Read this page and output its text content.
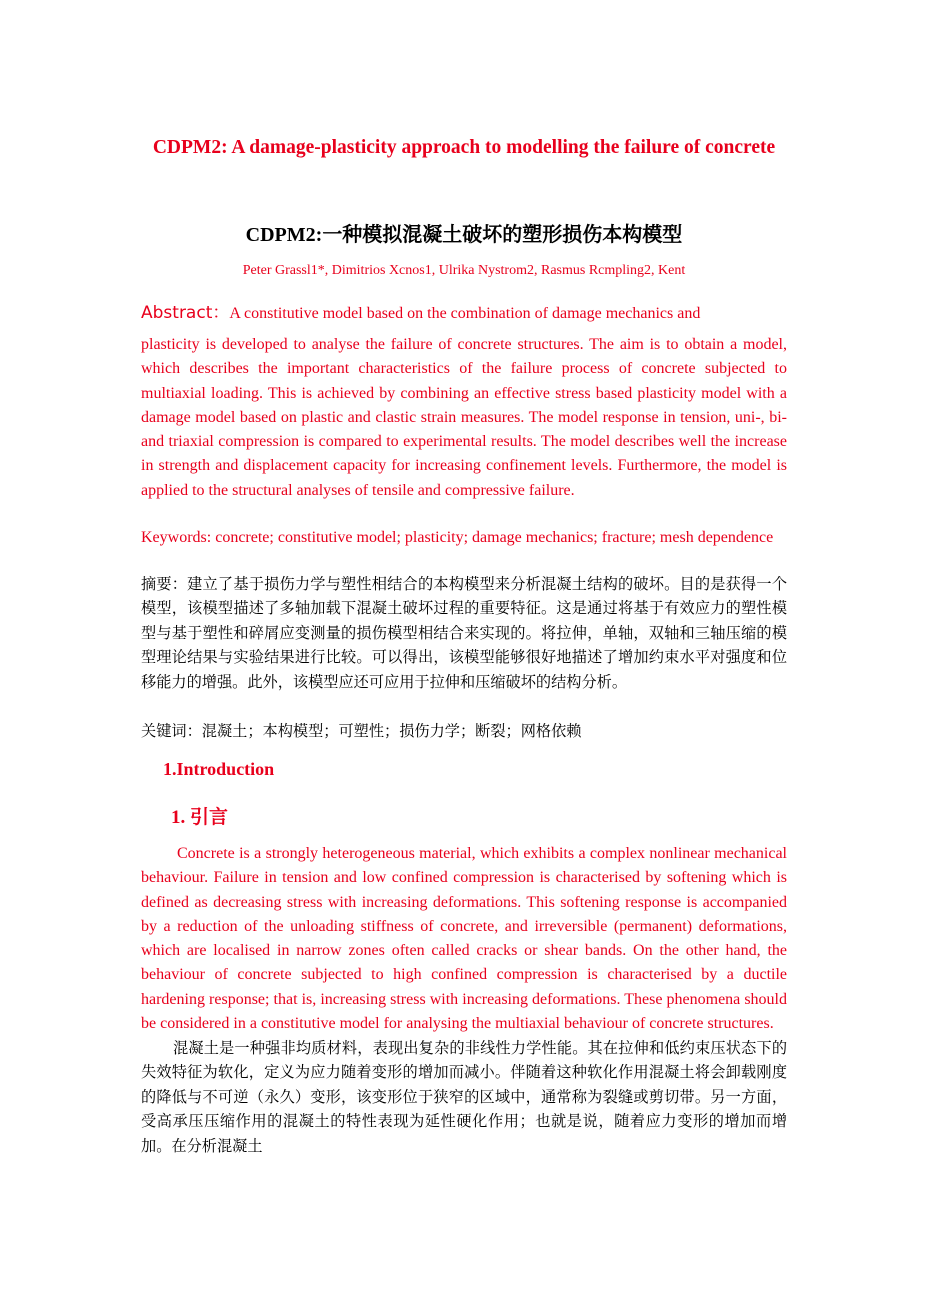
CDPM2: A damage-plasticity approach to modelling the failure of concrete
CDPM2:一种模拟混凝土破坏的塑形损伤本构模型

Peter Grassl1*, Dimitrios Xcnos1, Ulrika Nystrom2, Rasmus Rcmpling2, Kent

Abstract：A constitutive model based on the combination of damage mechanics and
plasticity is developed to analyse the failure of concrete structures. The aim is to obtain a model, which describes the important characteristics of the failure process of concrete subjected to multiaxial loading. This is achieved by combining an effective stress based plasticity model with a damage model based on plastic and clastic strain measures. The model response in tension, uni-, bi- and triaxial compression is compared to experimental results. The model describes well the increase in strength and displacement capacity for increasing confinement levels. Furthermore, the model is applied to the structural analyses of tensile and compressive failure.

Keywords: concrete; constitutive model; plasticity; damage mechanics; fracture; mesh dependence

摘要：建立了基于损伤力学与塑性相结合的本构模型来分析混凝土结构的破坏。目的是获得一个模型，该模型描述了多轴加载下混凝土破坏过程的重要特征。这是通过将基于有效应力的塑性模型与基于塑性和碎屑应变测量的损伤模型相结合来实现的。将拉伸，单轴，双轴和三轴压缩的模型理论结果与实验结果进行比较。可以得出，该模型能够很好地描述了增加约束水平对强度和位移能力的增强。此外，该模型应还可应用于拉伸和压缩破坏的结构分析。

关键词：混凝土；本构模型；可塑性；损伤力学；断裂；网格依赖

1.Introduction
1. 引言

Concrete is a strongly heterogeneous material, which exhibits a complex nonlinear mechanical behaviour. Failure in tension and low confined compression is characterised by softening which is defined as decreasing stress with increasing deformations. This softening response is accompanied by a reduction of the unloading stiffness of concrete, and irreversible (permanent) deformations, which are localised in narrow zones often called cracks or shear bands. On the other hand, the behaviour of concrete subjected to high confined compression is characterised by a ductile hardening response; that is, increasing stress with increasing deformations. These phenomena should be considered in a constitutive model for analysing the multiaxial behaviour of concrete structures.

混凝土是一种强非均质材料，表现出复杂的非线性力学性能。其在拉伸和低约束压状态下的失效特征为软化，定义为应力随着变形的增加而减小。伴随着这种软化作用混凝土将会卸载刚度的降低与不可逆（永久）变形，该变形位于狭窄的区域中，通常称为裂缝或剪切带。另一方面，受高承压压缩作用的混凝土的特性表现为延性硬化作用；也就是说，随着应力变形的增加而增加。在分析混凝土
